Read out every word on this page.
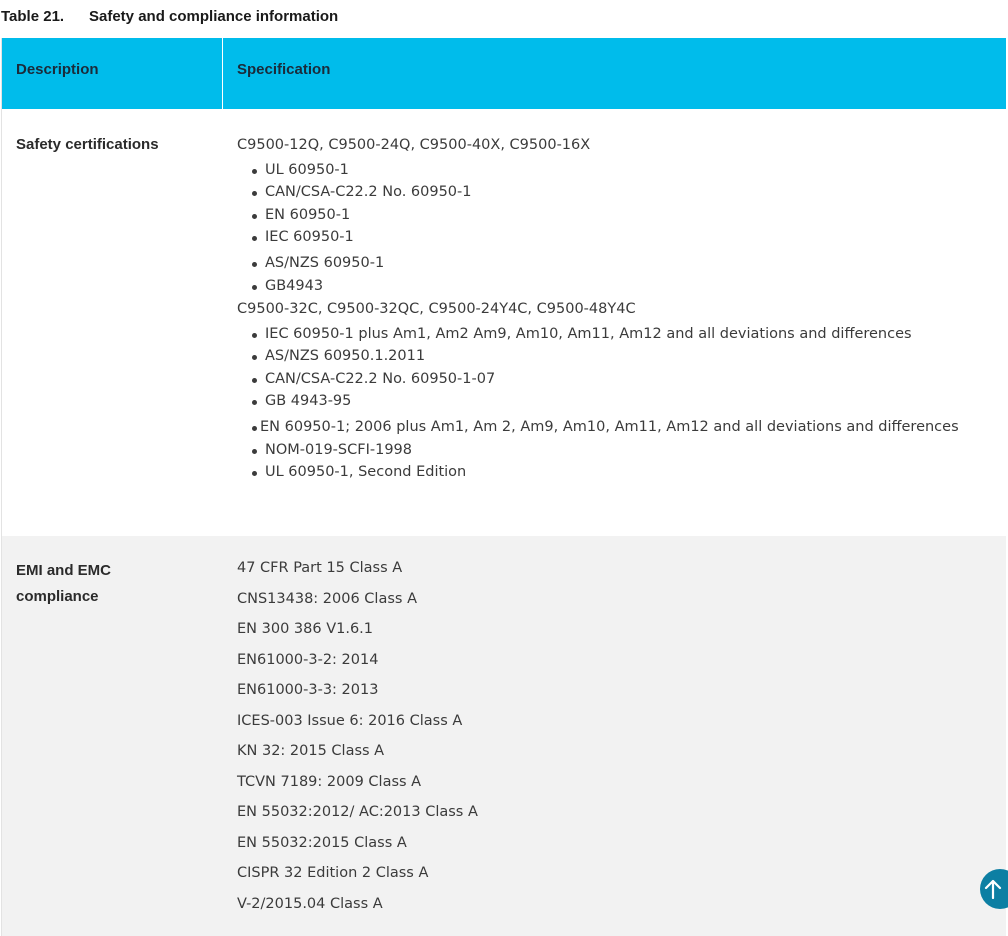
Table 21. Safety and compliance information
Description	Specification
Safety certifications	C9500-12Q, C9500-24Q, C9500-40X, C9500-16X
UL 60950-1
CAN/CSA-C22.2 No. 60950-1
EN 60950-1
IEC 60950-1
AS/NZS 60950-1
GB4943
C9500-32C, C9500-32QC, C9500-24Y4C, C9500-48Y4C
IEC 60950-1 plus Am1, Am2 Am9, Am10, Am11, Am12 and all deviations and differences
AS/NZS 60950.1.2011
CAN/CSA-C22.2 No. 60950-1-07
GB 4943-95
EN 60950-1; 2006 plus Am1, Am 2, Am9, Am10, Am11, Am12 and all deviations and differences
NOM-019-SCFI-1998
UL 60950-1, Second Edition
EMI and EMC
compliance
47 CFR Part 15 Class A
CNS13438: 2006 Class A
EN 300 386 V1.6.1
EN61000-3-2: 2014
EN61000-3-3: 2013
ICES-003 Issue 6: 2016 Class A
KN 32: 2015 Class A
TCVN 7189: 2009 Class A
EN 55032:2012/ AC:2013 Class A
EN 55032:2015 Class A
CISPR 32 Edition 2 Class A
V-2/2015.04 Class A
